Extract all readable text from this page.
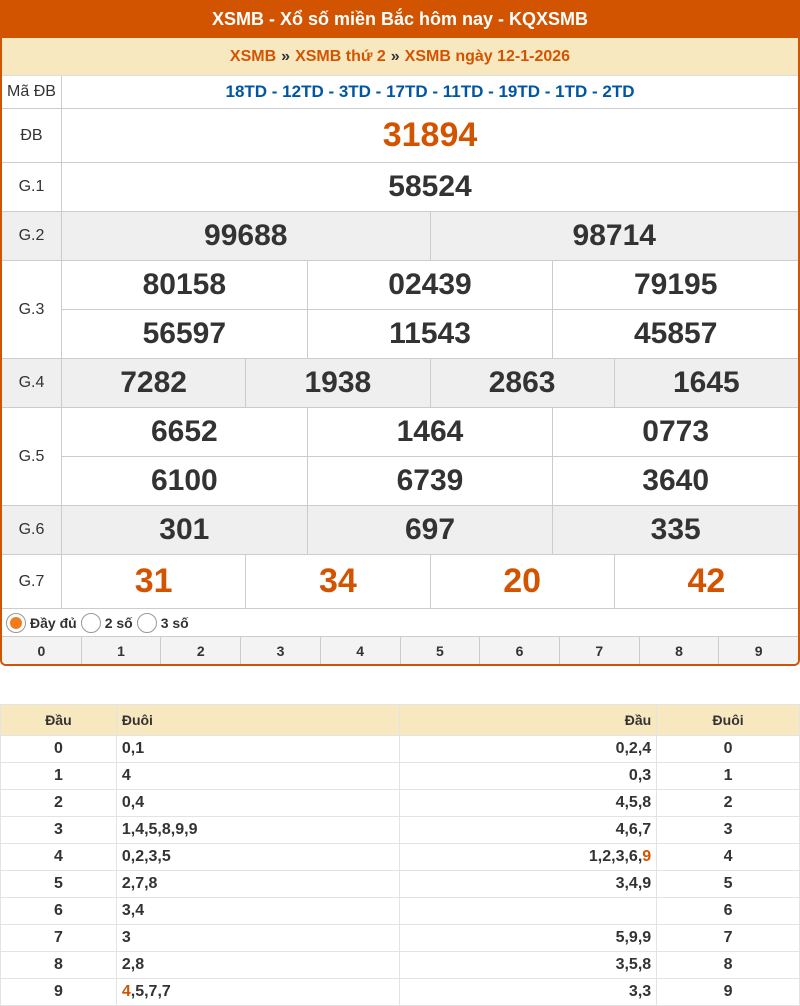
XSMB - Xổ số miền Bắc hôm nay - KQXSMB
XSMB » XSMB thứ 2 » XSMB ngày 12-1-2026
Mã ĐB	18TD - 12TD - 3TD - 17TD - 11TD - 19TD - 1TD - 2TD
ĐB	31894
G.1	58524
G.2	99688	98714
G.3
80158	02439	79195
56597	11543	45857
G.4	7282	1938	2863	1645
G.5
6652	1464	0773
6100	6739	3640
G.6	301	697	335
G.7	31	34	20	42
Đầy đủ 2 số 3 số
0	1	2	3	4	5	6	7	8	9
Đầu	Đuôi	Đầu	Đuôi
0	0,1	0,2,4	0
1	4	0,3	1
2	0,4	4,5,8	2
3	1,4,5,8,9,9	4,6,7	3
4	0,2,3,5	1,2,3,6,9	4
5	2,7,8	3,4,9	5
6	3,4		6
7	3	5,9,9	7
8	2,8	3,5,8	8
9	4,5,7,7	3,3	9
